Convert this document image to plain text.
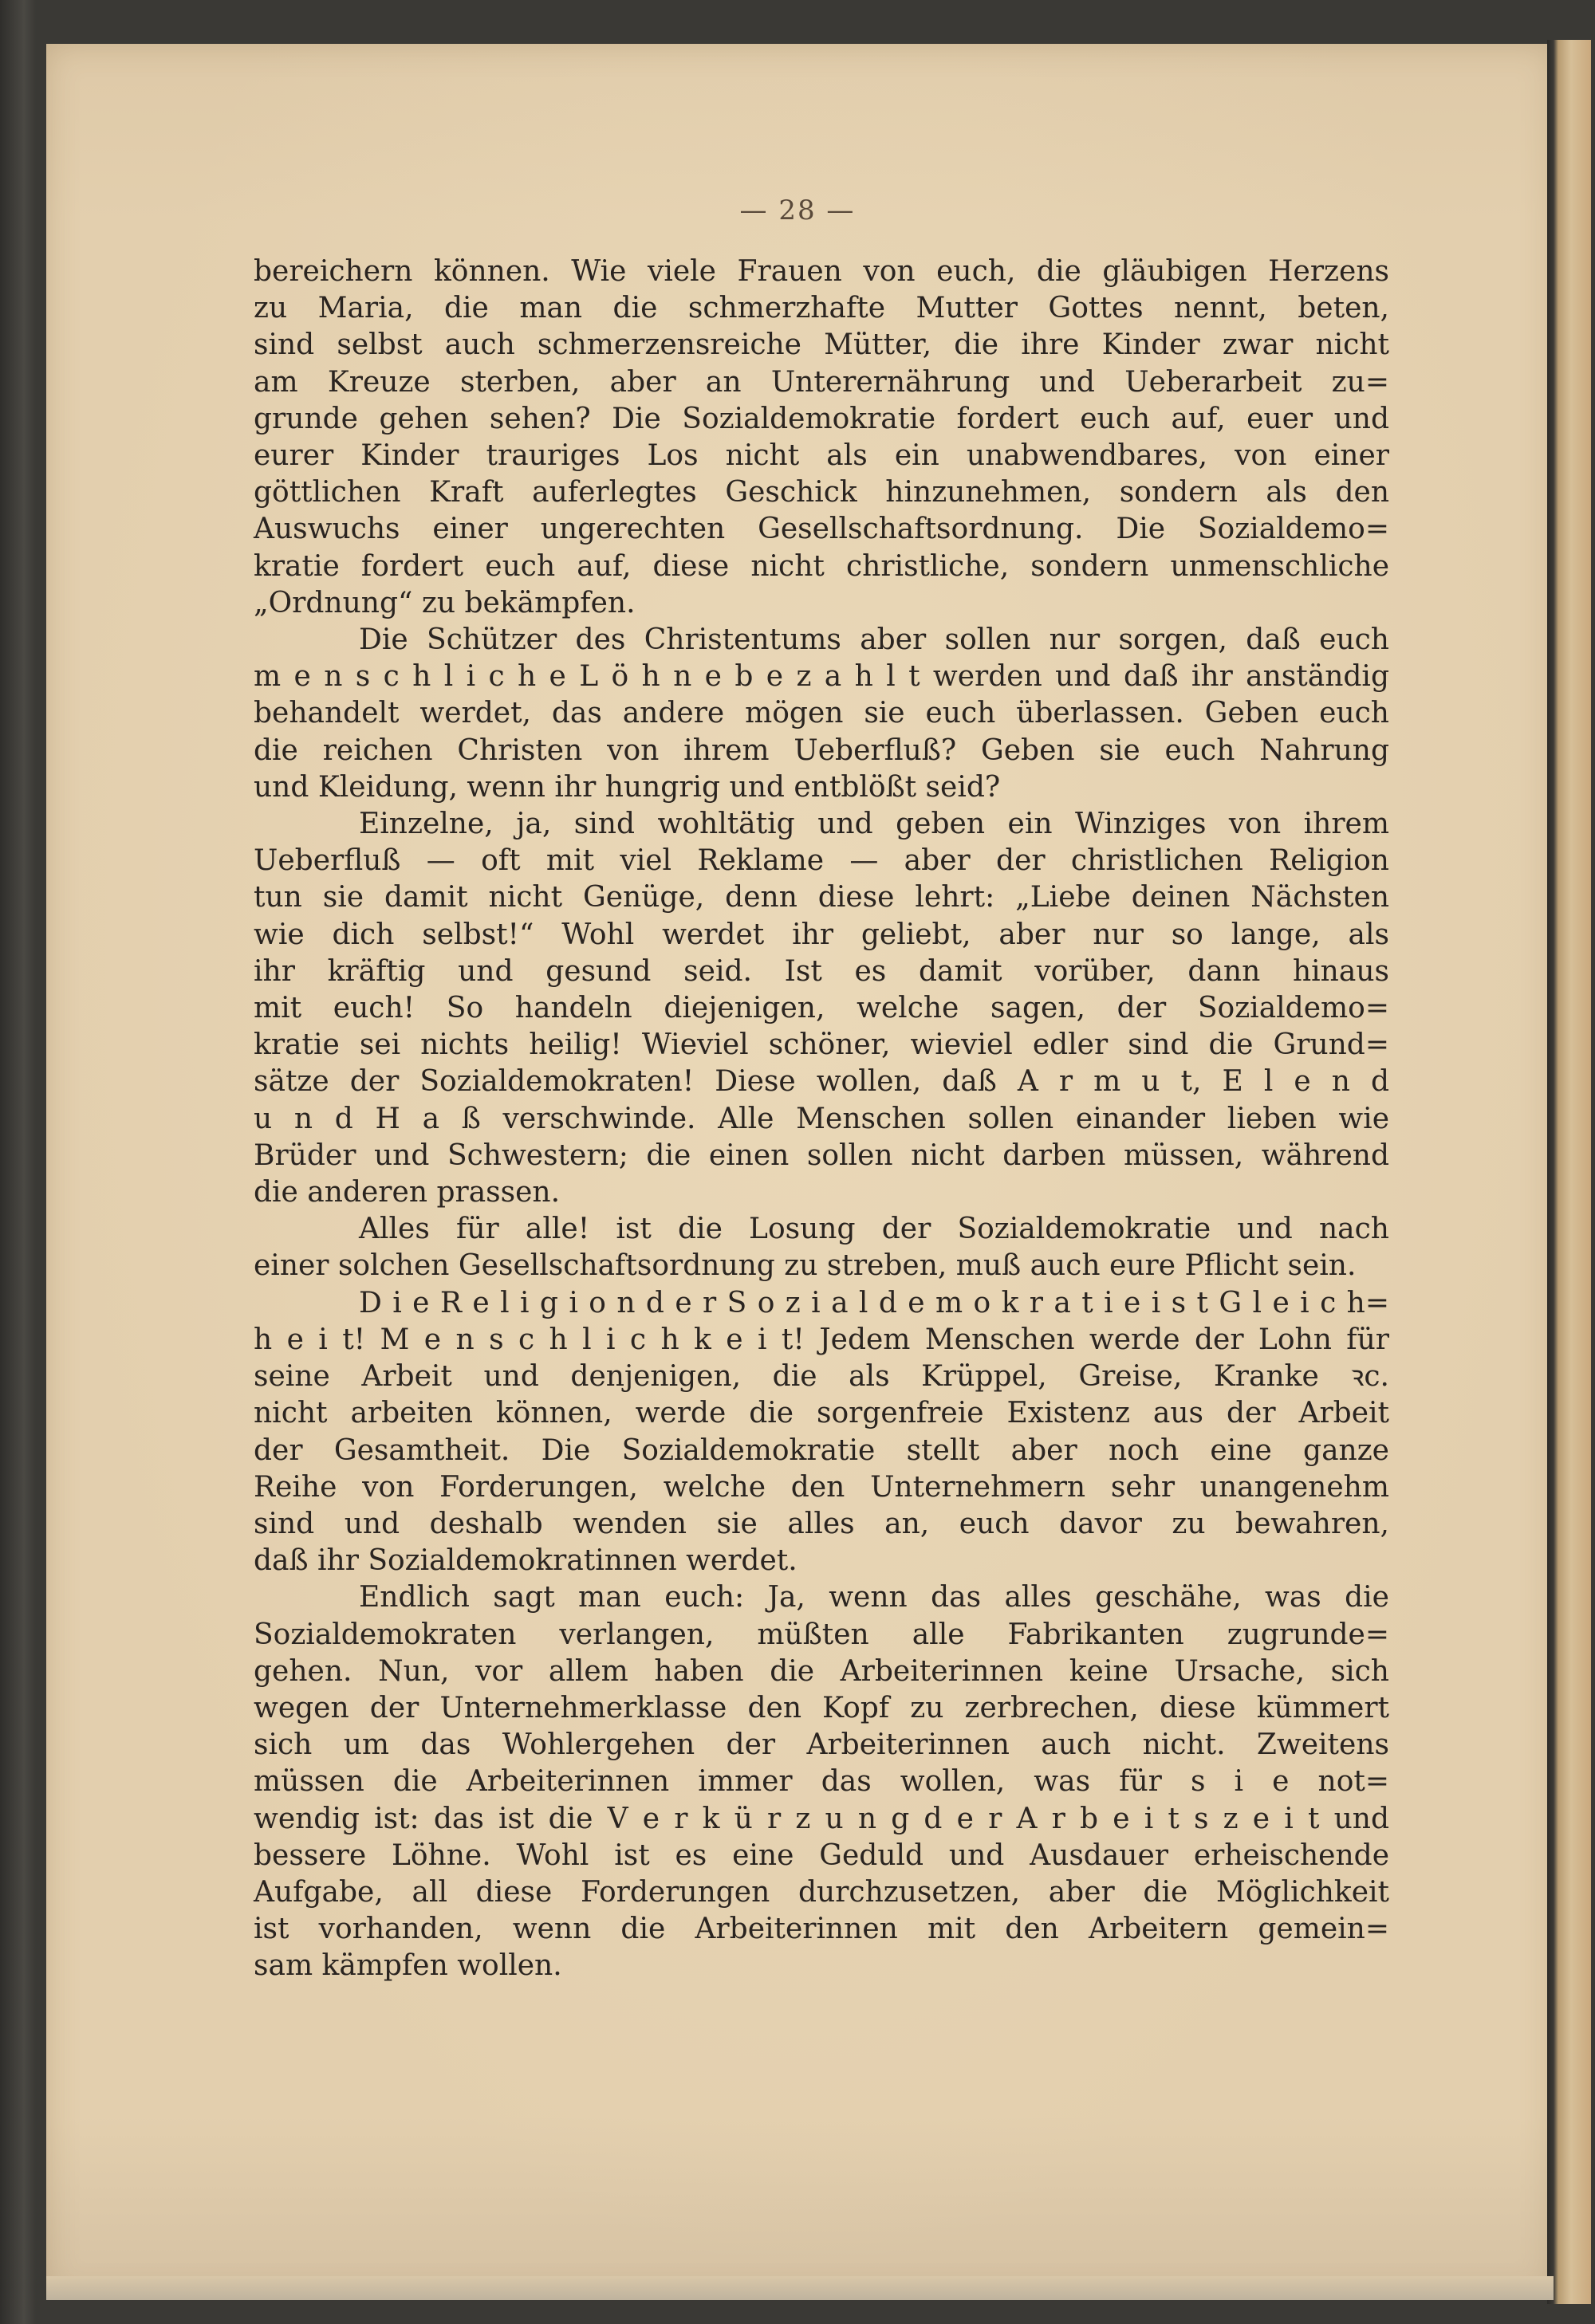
— 28 —

bereichern können. Wie viele Frauen von euch, die gläubigen Herzens
zu Maria, die man die schmerzhafte Mutter Gottes nennt, beten,
sind selbst auch schmerzensreiche Mütter, die ihre Kinder zwar nicht
am Kreuze sterben, aber an Unterernährung und Ueberarbeit zu=
grunde gehen sehen? Die Sozialdemokratie fordert euch auf, euer und
eurer Kinder trauriges Los nicht als ein unabwendbares, von einer
göttlichen Kraft auferlegtes Geschick hinzunehmen, sondern als den
Auswuchs einer ungerechten Gesellschaftsordnung. Die Sozialdemo=
kratie fordert euch auf, diese nicht christliche, sondern unmenschliche
„Ordnung“ zu bekämpfen.

Die Schützer des Christentums aber sollen nur sorgen, daß euch
m e n s c h l i c h e L ö h n e b e z a h l t werden und daß ihr anständig
behandelt werdet, das andere mögen sie euch überlassen. Geben euch
die reichen Christen von ihrem Ueberfluß? Geben sie euch Nahrung
und Kleidung, wenn ihr hungrig und entblößt seid?

Einzelne, ja, sind wohltätig und geben ein Winziges von ihrem
Ueberfluß — oft mit viel Reklame — aber der christlichen Religion
tun sie damit nicht Genüge, denn diese lehrt: „Liebe deinen Nächsten
wie dich selbst!“ Wohl werdet ihr geliebt, aber nur so lange, als
ihr kräftig und gesund seid. Ist es damit vorüber, dann hinaus
mit euch! So handeln diejenigen, welche sagen, der Sozialdemo=
kratie sei nichts heilig! Wieviel schöner, wieviel edler sind die Grund=
sätze der Sozialdemokraten! Diese wollen, daß A r m u t, E l e n d
u n d H a ß verschwinde. Alle Menschen sollen einander lieben wie
Brüder und Schwestern; die einen sollen nicht darben müssen, während
die anderen prassen.

Alles für alle! ist die Losung der Sozialdemokratie und nach
einer solchen Gesellschaftsordnung zu streben, muß auch eure Pflicht sein.

D i e R e l i g i o n d e r S o z i a l d e m o k r a t i e i s t G l e i c h=
h e i t! M e n s c h l i c h k e i t! Jedem Menschen werde der Lohn für
seine Arbeit und denjenigen, die als Krüppel, Greise, Kranke ꝛc.
nicht arbeiten können, werde die sorgenfreie Existenz aus der Arbeit
der Gesamtheit. Die Sozialdemokratie stellt aber noch eine ganze
Reihe von Forderungen, welche den Unternehmern sehr unangenehm
sind und deshalb wenden sie alles an, euch davor zu bewahren,
daß ihr Sozialdemokratinnen werdet.

Endlich sagt man euch: Ja, wenn das alles geschähe, was die
Sozialdemokraten verlangen, müßten alle Fabrikanten zugrunde=
gehen. Nun, vor allem haben die Arbeiterinnen keine Ursache, sich
wegen der Unternehmerklasse den Kopf zu zerbrechen, diese kümmert
sich um das Wohlergehen der Arbeiterinnen auch nicht. Zweitens
müssen die Arbeiterinnen immer das wollen, was für s i e not=
wendig ist: das ist die V e r k ü r z u n g d e r A r b e i t s z e i t und
bessere Löhne. Wohl ist es eine Geduld und Ausdauer erheischende
Aufgabe, all diese Forderungen durchzusetzen, aber die Möglichkeit
ist vorhanden, wenn die Arbeiterinnen mit den Arbeitern gemein=
sam kämpfen wollen.
